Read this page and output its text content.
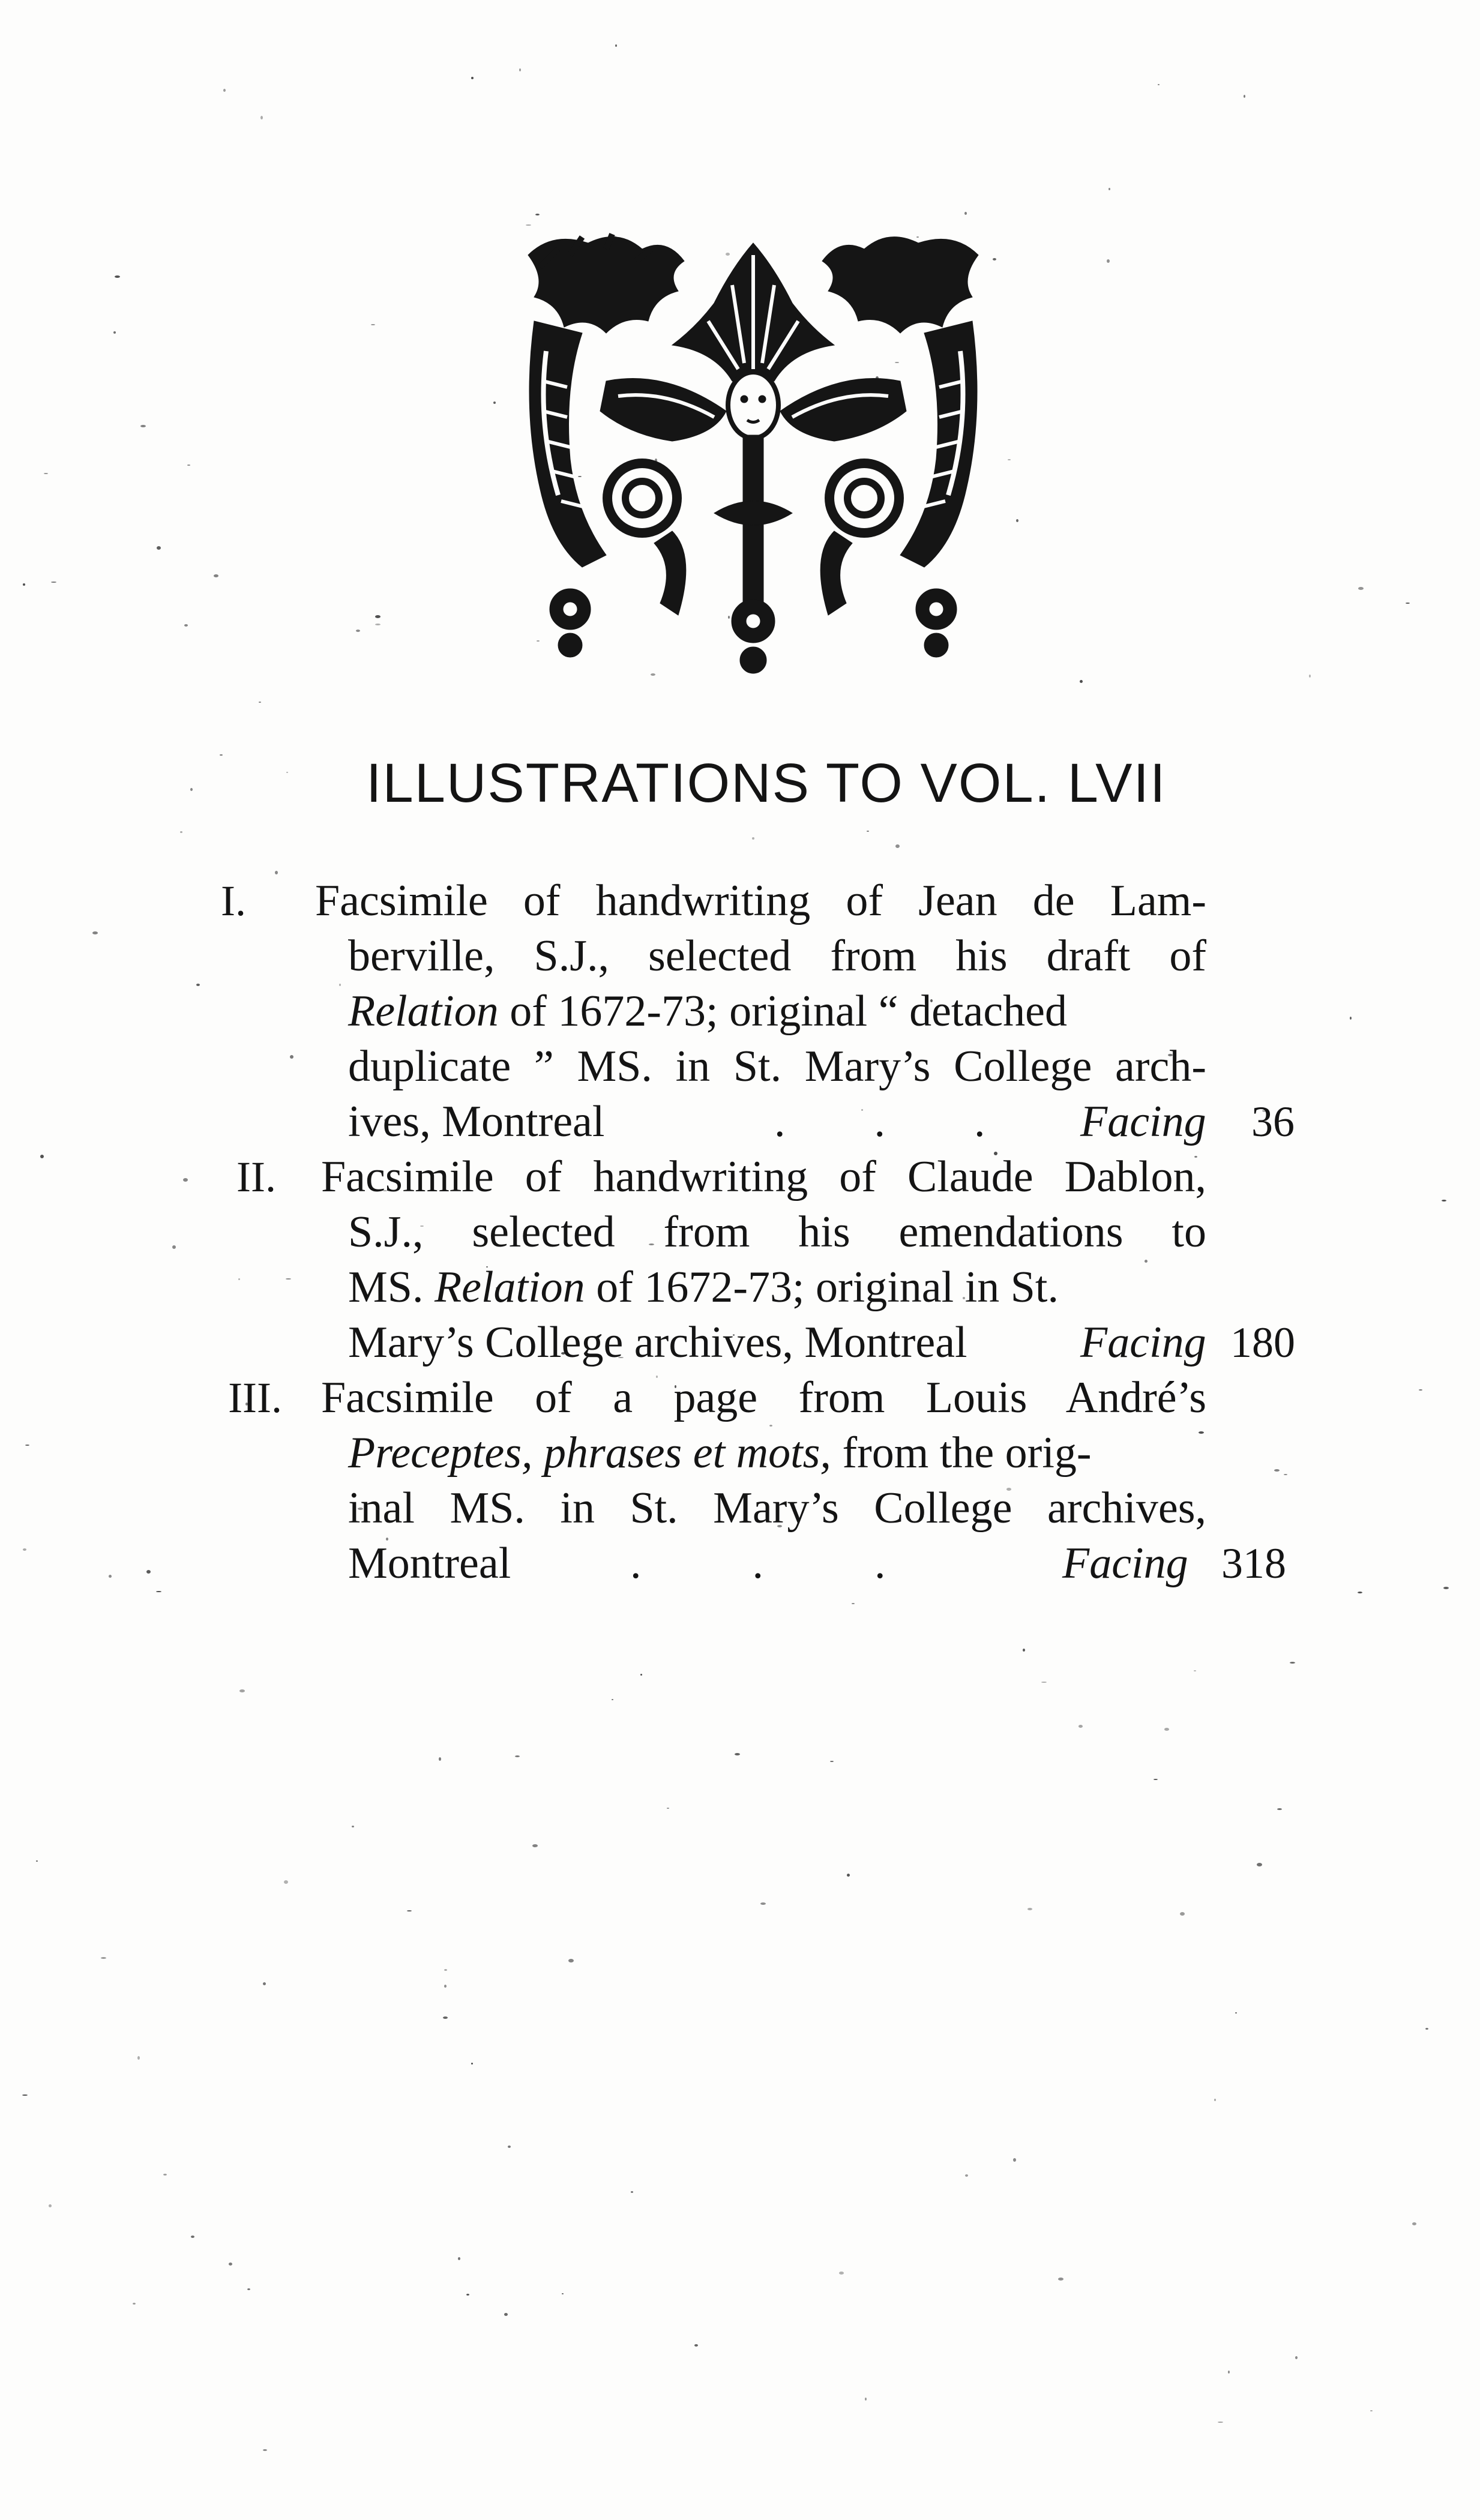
ILLUSTRATIONS TO VOL. LVII
I. Facsimile of handwriting of Jean de Lam-
berville, S.J., selected from his draft of
Relation of 1672-73; original “ detached
duplicate ” MS. in St. Mary’s College arch-
ives, Montreal	.        .        . Facing 36
II. Facsimile of handwriting of Claude Dablon,
S.J., selected from his emendations to
MS. Relation of 1672-73; original in St.
Mary’s College archives, Montreal	Facing 180
III. Facsimile of a page from Louis André’s
Preceptes, phrases et mots, from the orig-
inal MS. in St. Mary’s College archives,
Montreal	.          .          .	Facing 318
